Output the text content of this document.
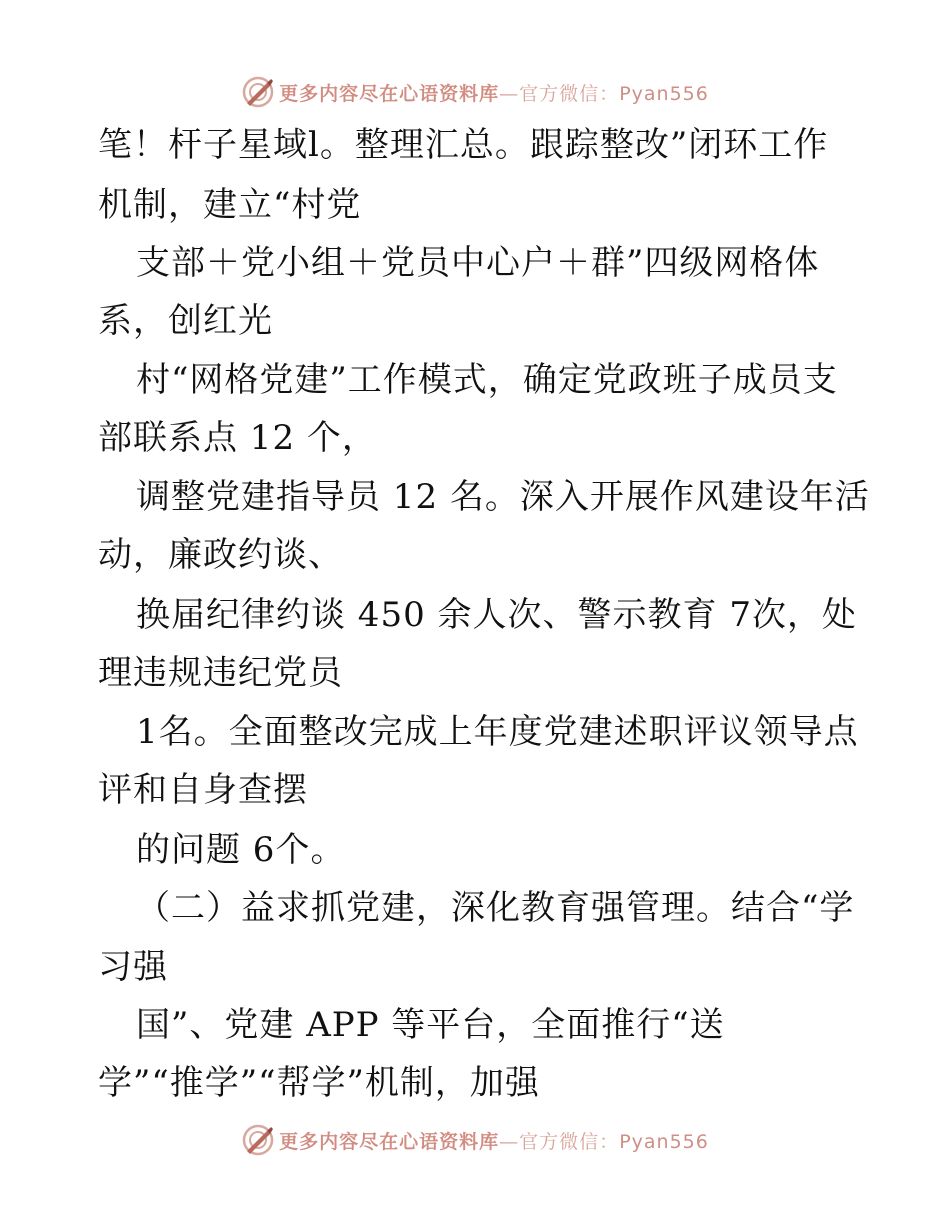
更多内容尽在心语资料库—官方微信：Pyan556
笔！杆子星域l。整理汇总。跟踪整改”闭环工作
机制，建立“村党
支部＋党小组＋党员中心户＋群”四级网格体
系，创红光
村“网格党建”工作模式，确定党政班子成员支
部联系点 12 个，
调整党建指导员 12 名。深入开展作风建设年活
动，廉政约谈、
换届纪律约谈 450 余人次、警示教育 7次，处
理违规违纪党员
1名。全面整改完成上年度党建述职评议领导点
评和自身查摆
的问题 6个。
（二）益求抓党建，深化教育强管理。结合“学
习强
国”、党建 APP 等平台，全面推行“送
学”“推学”“帮学”机制，加强
更多内容尽在心语资料库—官方微信：Pyan556
